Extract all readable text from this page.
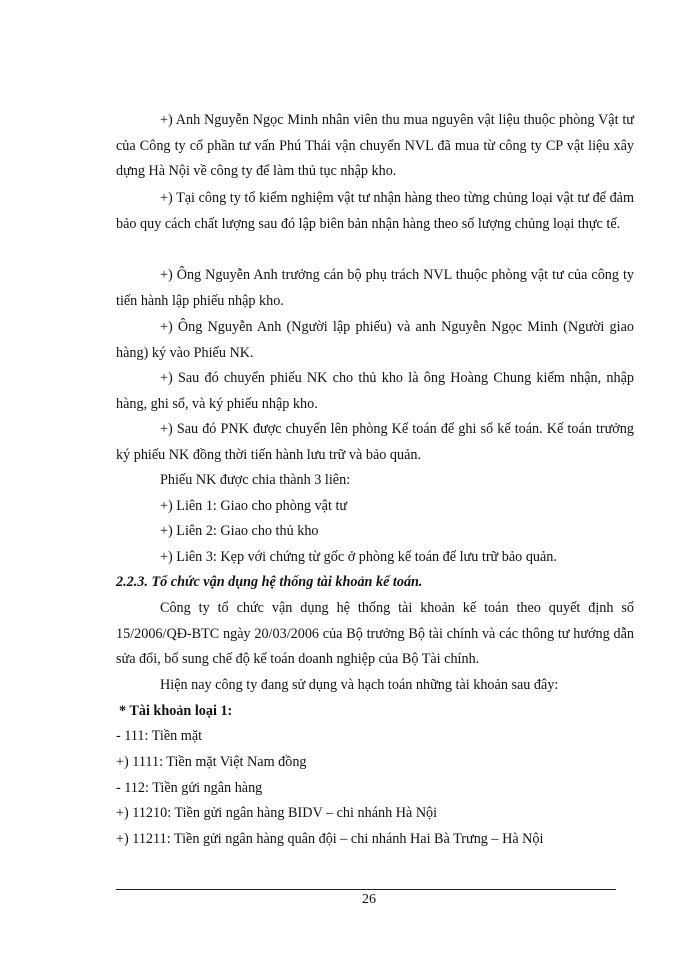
+) Anh Nguyễn Ngọc Minh nhân viên thu mua nguyên vật liệu thuộc phòng Vật tư của Công ty cổ phần tư vấn Phú Thái vận chuyển NVL đã mua từ công ty CP vật liệu xây dựng Hà Nội về công ty để làm thủ tục nhập kho.

+) Tại công ty tổ kiểm nghiệm vật tư nhận hàng theo từng chủng loại vật tư để đảm bảo quy cách chất lượng sau đó lập biên bản nhận hàng theo số lượng chủng loại thực tế.

+) Ông Nguyễn Anh trưởng cán bộ phụ trách NVL thuộc phòng vật tư của công ty tiến hành lập phiếu nhập kho.

+) Ông Nguyễn Anh (Người lập phiếu) và anh Nguyễn Ngọc Minh (Người giao hàng) ký vào Phiếu NK.

+) Sau đó chuyển phiếu NK cho thủ kho là ông Hoàng Chung kiểm nhận, nhập hàng, ghi sổ, và ký phiếu nhập kho.

+) Sau đó PNK được chuyển lên phòng Kế toán để ghi sổ kế toán. Kế toán trưởng ký phiếu NK đồng thời tiến hành lưu trữ và bảo quản.

Phiếu NK được chia thành 3 liên:
+) Liên 1: Giao cho phòng vật tư
+) Liên 2: Giao cho thủ kho
+) Liên 3: Kẹp với chứng từ gốc ở phòng kế toán để lưu trữ bảo quản.
2.2.3. Tổ chức vận dụng hệ thống tài khoản kế toán.

Công ty tổ chức vận dụng hệ thống tài khoản kế toán theo quyết định số 15/2006/QĐ-BTC ngày 20/03/2006 của Bộ trưởng Bộ tài chính và các thông tư hướng dẫn sửa đổi, bổ sung chế độ kế toán doanh nghiệp của Bộ Tài chính.

Hiện nay công ty đang sử dụng và hạch toán những tài khoản sau đây:
* Tài khoản loại 1:
- 111: Tiền mặt
+) 1111: Tiền mặt Việt Nam đồng
- 112: Tiền gửi ngân hàng
+) 11210: Tiền gửi ngân hàng BIDV – chi nhánh Hà Nội
+) 11211: Tiền gửi ngân hàng quân đội – chi nhánh Hai Bà Trưng – Hà Nội
26
